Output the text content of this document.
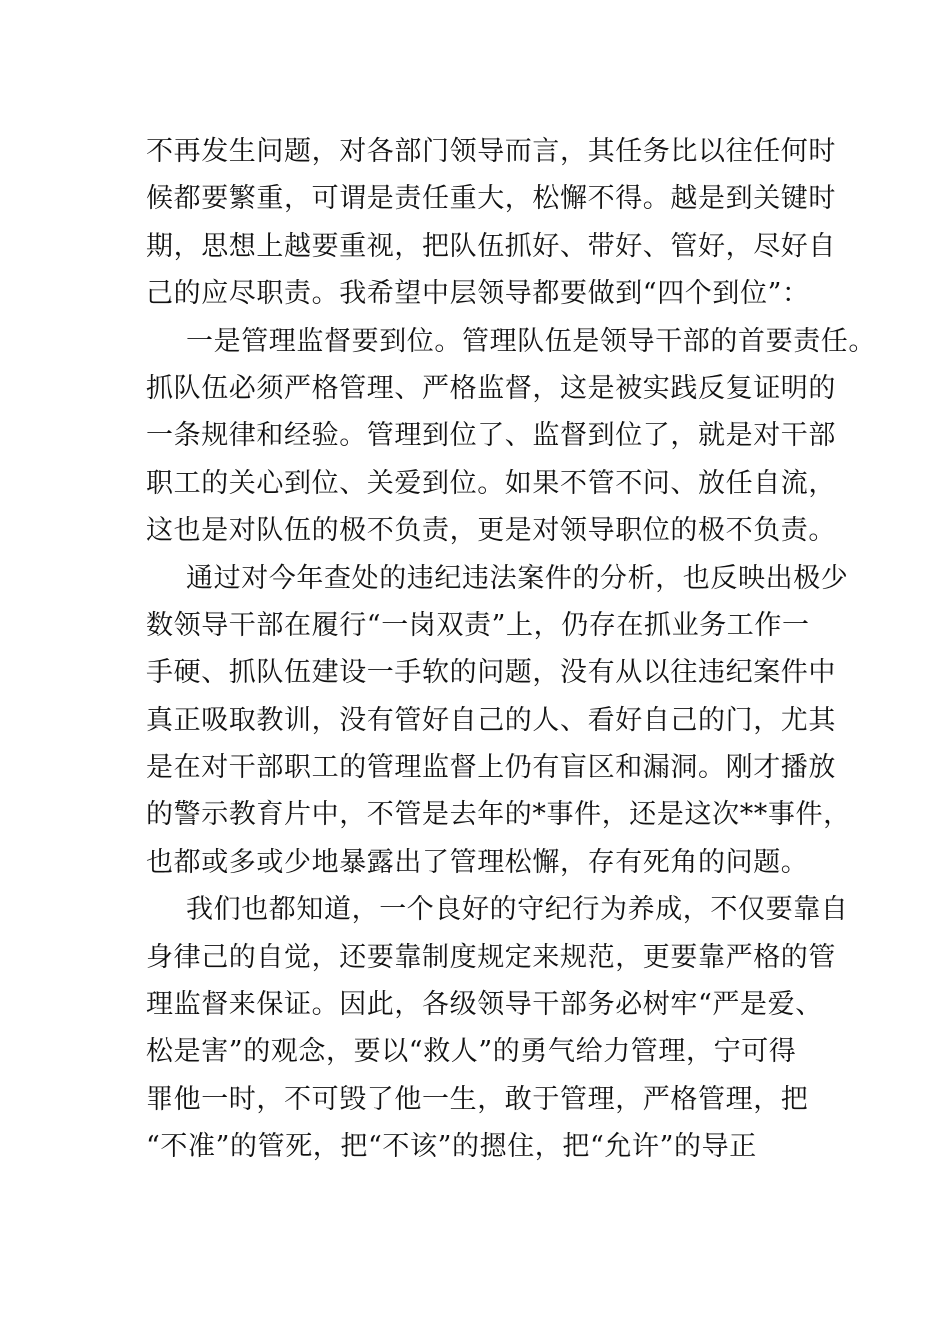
不再发生问题，对各部门领导而言，其任务比以往任何时
候都要繁重，可谓是责任重大，松懈不得。越是到关键时
期，思想上越要重视，把队伍抓好、带好、管好，尽好自
己的应尽职责。我希望中层领导都要做到“四个到位”：
一是管理监督要到位。管理队伍是领导干部的首要责任。
抓队伍必须严格管理、严格监督，这是被实践反复证明的
一条规律和经验。管理到位了、监督到位了，就是对干部
职工的关心到位、关爱到位。如果不管不问、放任自流，
这也是对队伍的极不负责，更是对领导职位的极不负责。
通过对今年查处的违纪违法案件的分析，也反映出极少
数领导干部在履行“一岗双责”上，仍存在抓业务工作一
手硬、抓队伍建设一手软的问题，没有从以往违纪案件中
真正吸取教训，没有管好自己的人、看好自己的门，尤其
是在对干部职工的管理监督上仍有盲区和漏洞。刚才播放
的警示教育片中，不管是去年的*事件，还是这次**事件，
也都或多或少地暴露出了管理松懈，存有死角的问题。
我们也都知道，一个良好的守纪行为养成，不仅要靠自
身律己的自觉，还要靠制度规定来规范，更要靠严格的管
理监督来保证。因此，各级领导干部务必树牢“严是爱、
松是害”的观念，要以“救人”的勇气给力管理，宁可得
罪他一时，不可毁了他一生，敢于管理，严格管理，把
“不准”的管死，把“不该”的摁住，把“允许”的导正
